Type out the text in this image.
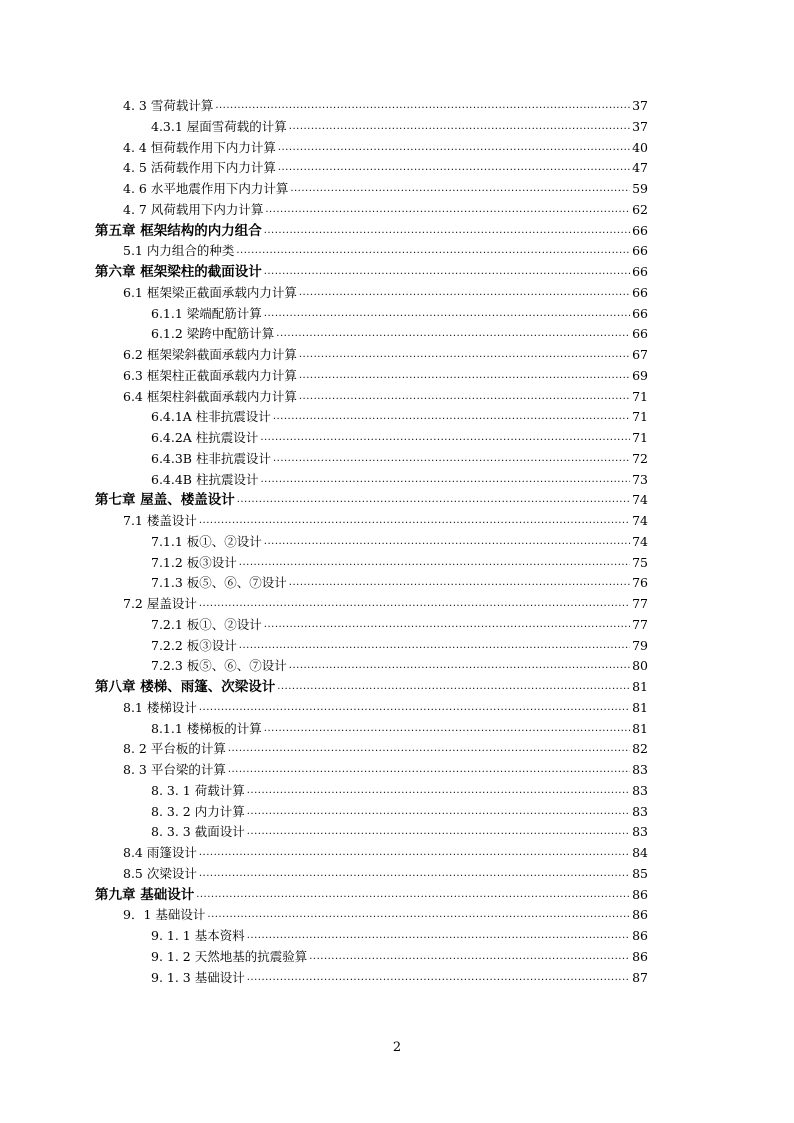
4. 3 雪荷载计算 .....	37
4.3.1 屋面雪荷载的计算 .....	37
4. 4 恒荷载作用下内力计算 .....	40
4. 5 活荷载作用下内力计算 .....	47
4. 6 水平地震作用下内力计算 .....	59
4. 7 风荷载用下内力计算 .....	62
第五章 框架结构的内力组合 .....	66
5.1 内力组合的种类 .....	66
第六章 框架梁柱的截面设计 .....	66
6.1 框架梁正截面承载内力计算 .....	66
6.1.1 梁端配筋计算 .....	66
6.1.2 梁跨中配筋计算 .....	66
6.2 框架梁斜截面承载内力计算 .....	67
6.3 框架柱正截面承载内力计算 .....	69
6.4 框架柱斜截面承载内力计算 .....	71
6.4.1A 柱非抗震设计 .....	71
6.4.2A 柱抗震设计 .....	71
6.4.3B 柱非抗震设计 .....	72
6.4.4B 柱抗震设计 .....	73
第七章 屋盖、楼盖设计 .....	74
7.1 楼盖设计 .....	74
7.1.1 板①、②设计 .....	74
7.1.2 板③设计 .....	75
7.1.3 板⑤、⑥、⑦设计 .....	76
7.2 屋盖设计 .....	77
7.2.1 板①、②设计 .....	77
7.2.2 板③设计 .....	79
7.2.3 板⑤、⑥、⑦设计 .....	80
第八章 楼梯、雨篷、次梁设计 .....	81
8.1 楼梯设计 .....	81
8.1.1 楼梯板的计算 .....	81
8. 2 平台板的计算 .....	82
8. 3 平台梁的计算 .....	83
8. 3. 1 荷载计算 .....	83
8. 3. 2 内力计算 .....	83
8. 3. 3 截面设计 .....	83
8.4 雨篷设计 .....	84
8.5 次梁设计 .....	85
第九章 基础设计 .....	86
9．1 基础设计 .....	86
9. 1. 1 基本资料 .....	86
9. 1. 2 天然地基的抗震验算 .....	86
9. 1. 3 基础设计 .....	87
2
